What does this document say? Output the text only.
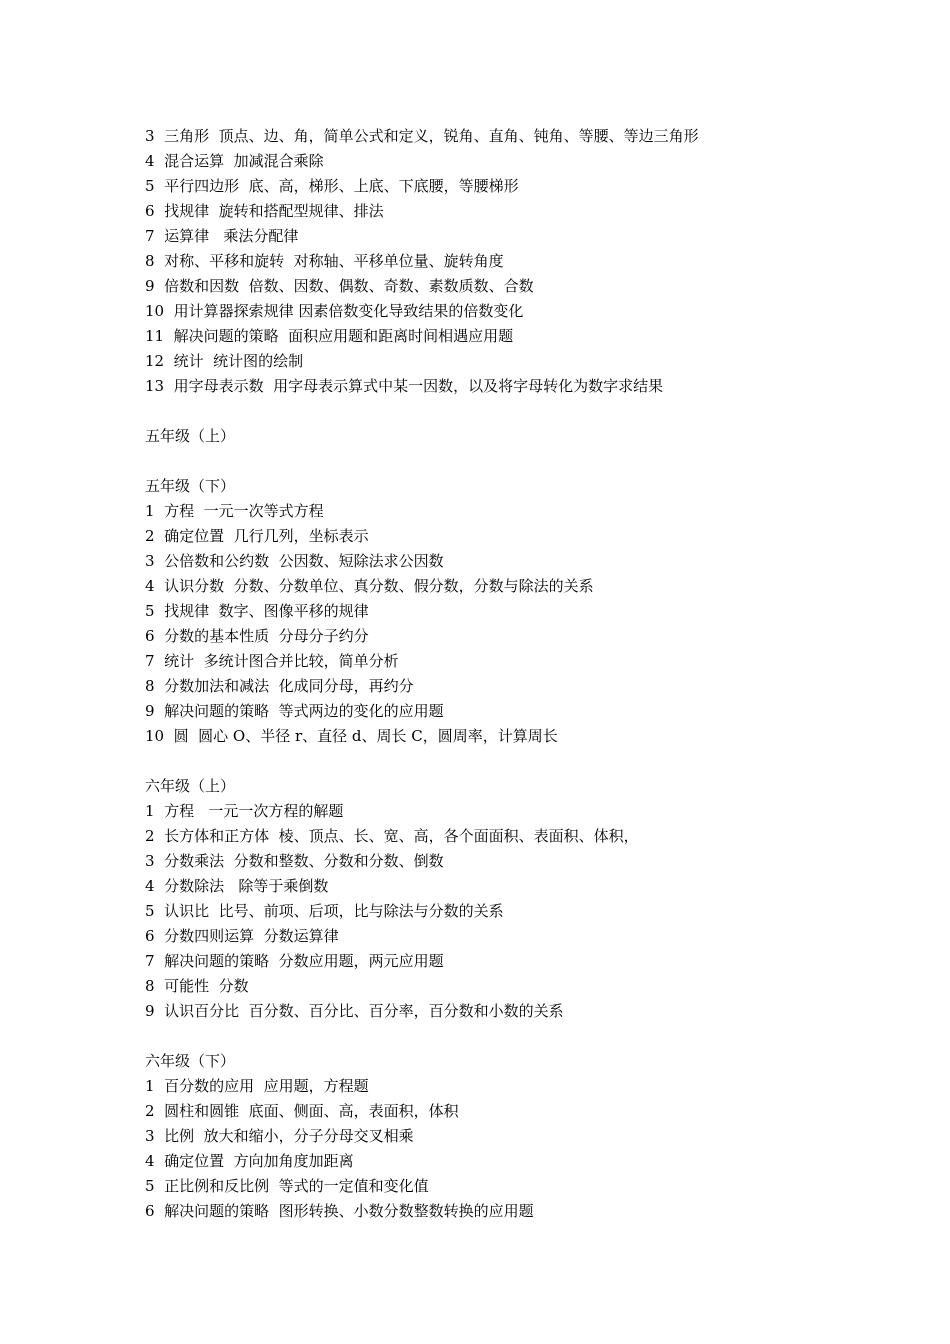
3  三角形  顶点、边、角，简单公式和定义，锐角、直角、钝角、等腰、等边三角形
4  混合运算  加减混合乘除
5  平行四边形  底、高，梯形、上底、下底腰，等腰梯形
6  找规律  旋转和搭配型规律、排法
7  运算律   乘法分配律
8  对称、平移和旋转  对称轴、平移单位量、旋转角度
9  倍数和因数  倍数、因数、偶数、奇数、素数质数、合数
10  用计算器探索规律 因素倍数变化导致结果的倍数变化
11  解决问题的策略  面积应用题和距离时间相遇应用题
12  统计  统计图的绘制
13  用字母表示数  用字母表示算式中某一因数，以及将字母转化为数字求结果
五年级（上）
五年级（下）
1  方程  一元一次等式方程
2  确定位置  几行几列，坐标表示
3  公倍数和公约数  公因数、短除法求公因数
4  认识分数  分数、分数单位、真分数、假分数，分数与除法的关系
5  找规律  数字、图像平移的规律
6  分数的基本性质  分母分子约分
7  统计  多统计图合并比较，简单分析
8  分数加法和减法  化成同分母，再约分
9  解决问题的策略  等式两边的变化的应用题
10  圆  圆心 O、半径 r、直径 d、周长 C，圆周率，计算周长
六年级（上）
1  方程   一元一次方程的解题
2  长方体和正方体  棱、顶点、长、宽、高，各个面面积、表面积、体积，
3  分数乘法  分数和整数、分数和分数、倒数
4  分数除法   除等于乘倒数
5  认识比  比号、前项、后项，比与除法与分数的关系
6  分数四则运算  分数运算律
7  解决问题的策略  分数应用题，两元应用题
8  可能性  分数
9  认识百分比  百分数、百分比、百分率，百分数和小数的关系
六年级（下）
1  百分数的应用  应用题，方程题
2  圆柱和圆锥  底面、侧面、高，表面积，体积
3  比例  放大和缩小，分子分母交叉相乘
4  确定位置  方向加角度加距离
5  正比例和反比例  等式的一定值和变化值
6  解决问题的策略  图形转换、小数分数整数转换的应用题
